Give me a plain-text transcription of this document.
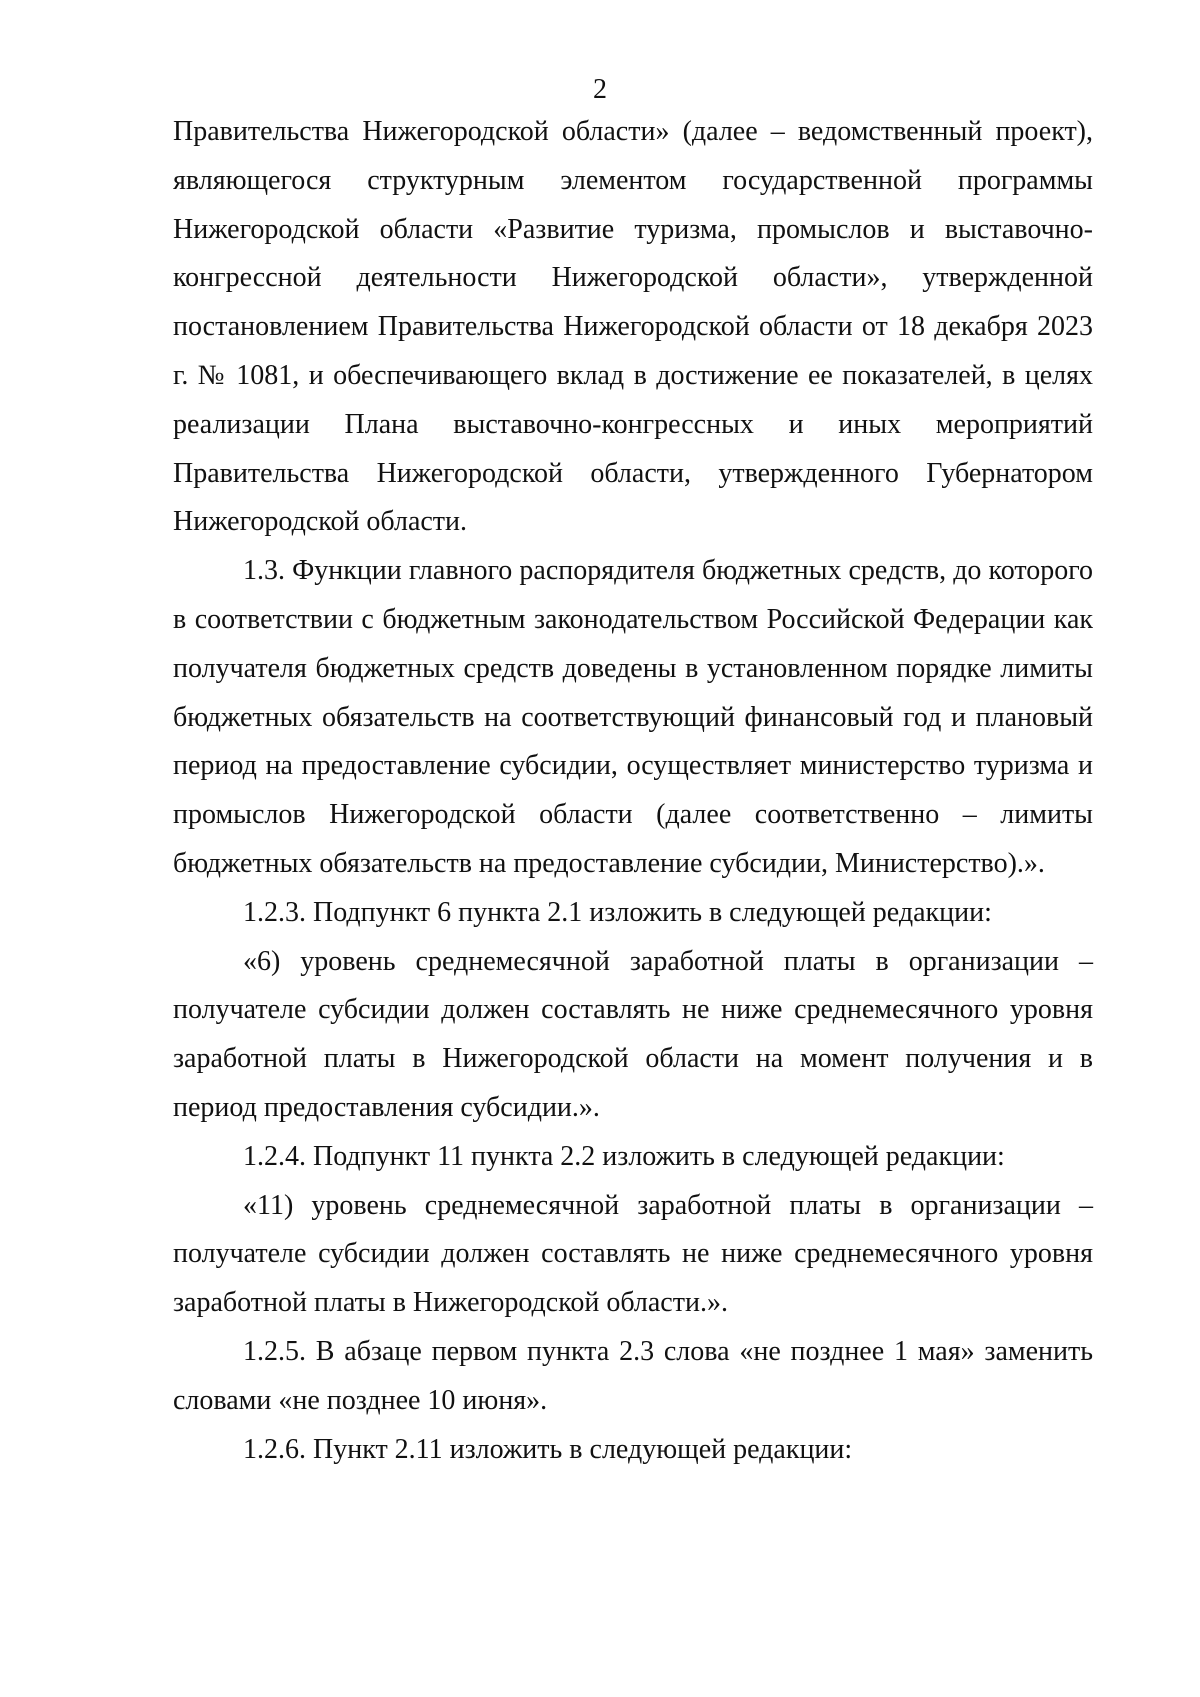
2

Правительства Нижегородской области» (далее – ведомственный проект), являющегося структурным элементом государственной программы Нижегородской области «Развитие туризма, промыслов и выставочно-конгрессной деятельности Нижегородской области», утвержденной постановлением Правительства Нижегородской области от 18 декабря 2023 г. № 1081, и обеспечивающего вклад в достижение ее показателей, в целях реализации Плана выставочно-конгрессных и иных мероприятий Правительства Нижегородской области, утвержденного Губернатором Нижегородской области.

1.3. Функции главного распорядителя бюджетных средств, до которого в соответствии с бюджетным законодательством Российской Федерации как получателя бюджетных средств доведены в установленном порядке лимиты бюджетных обязательств на соответствующий финансовый год и плановый период на предоставление субсидии, осуществляет министерство туризма и промыслов Нижегородской области (далее соответственно – лимиты бюджетных обязательств на предоставление субсидии, Министерство).».

1.2.3. Подпункт 6 пункта 2.1 изложить в следующей редакции:

«6) уровень среднемесячной заработной платы в организации – получателе субсидии должен составлять не ниже среднемесячного уровня заработной платы в Нижегородской области на момент получения и в период предоставления субсидии.».

1.2.4. Подпункт 11 пункта 2.2 изложить в следующей редакции:

«11) уровень среднемесячной заработной платы в организации – получателе субсидии должен составлять не ниже среднемесячного уровня заработной платы в Нижегородской области.».

1.2.5. В абзаце первом пункта 2.3 слова «не позднее 1 мая» заменить словами «не позднее 10 июня».

1.2.6. Пункт 2.11 изложить в следующей редакции:
